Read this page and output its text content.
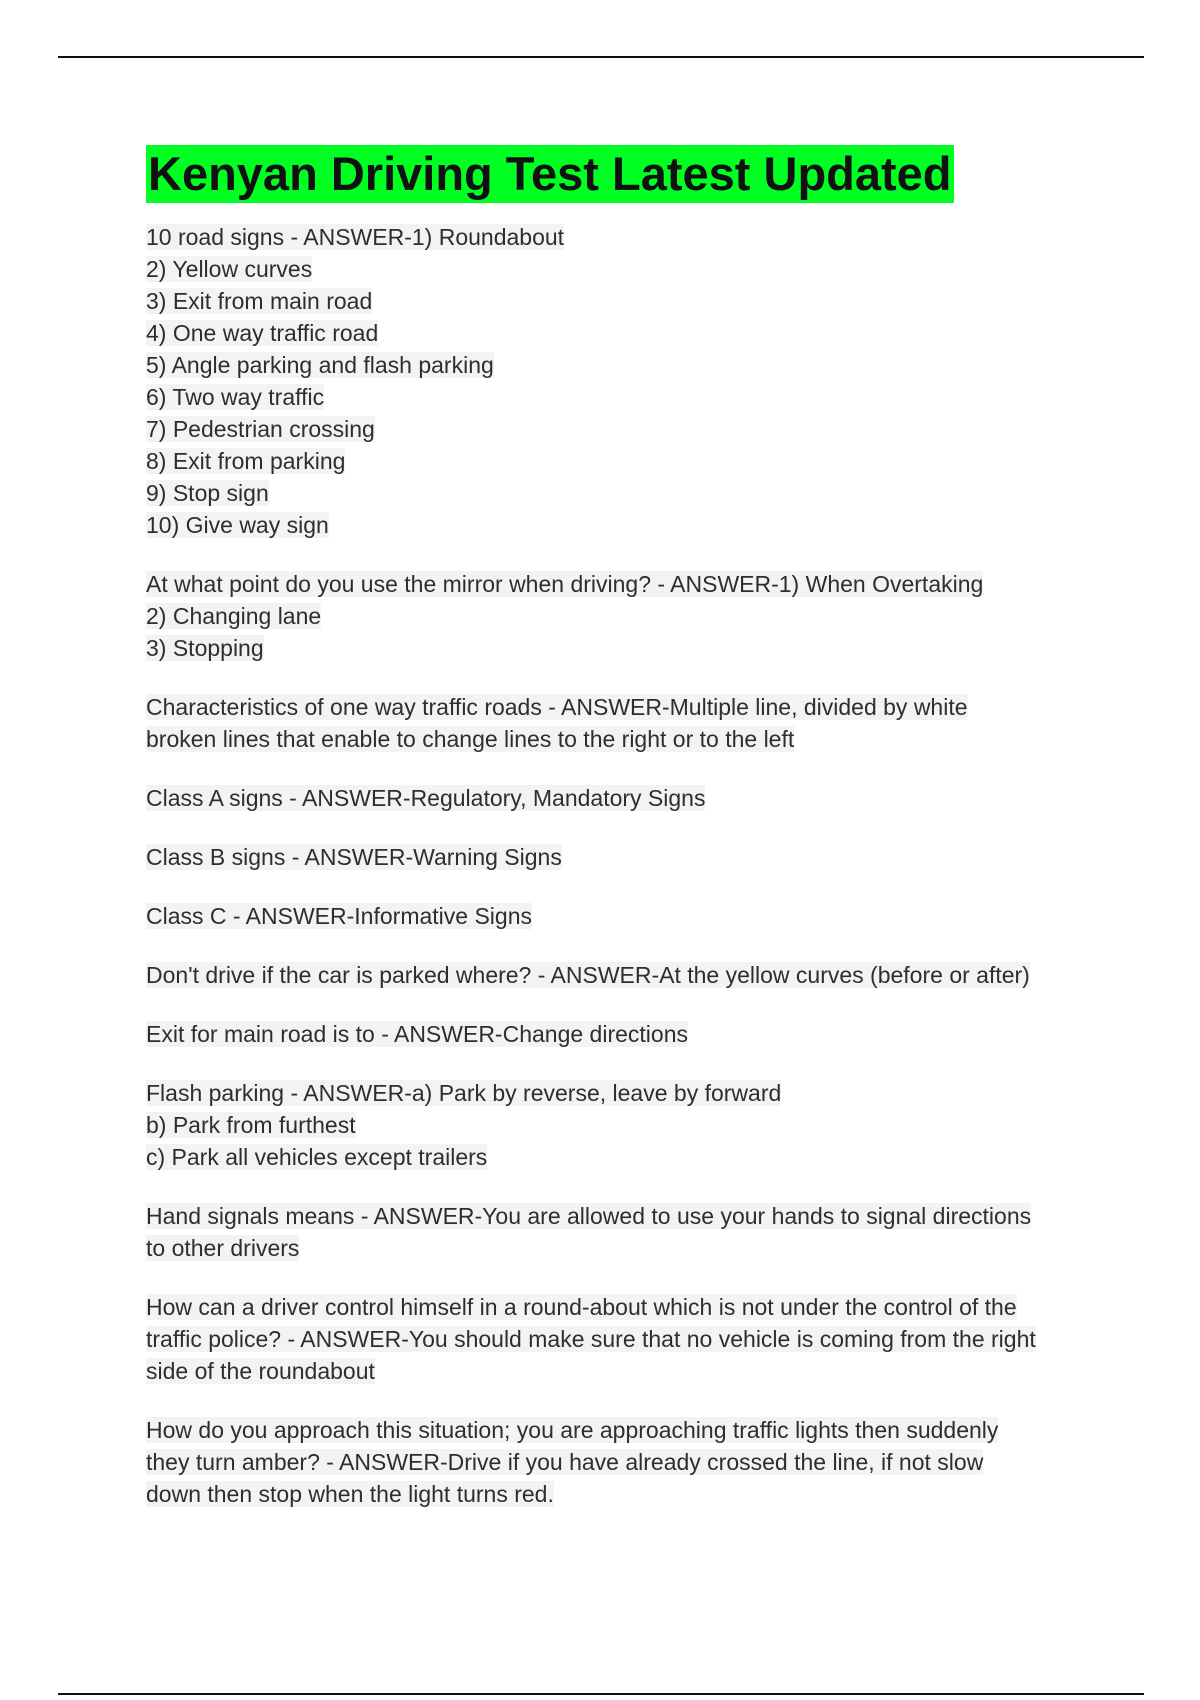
Kenyan Driving Test Latest Updated
10 road signs - ANSWER-1) Roundabout
2) Yellow curves
3) Exit from main road
4) One way traffic road
5) Angle parking and flash parking
6) Two way traffic
7) Pedestrian crossing
8) Exit from parking
9) Stop sign
10) Give way sign
At what point do you use the mirror when driving? - ANSWER-1) When Overtaking
2) Changing lane
3) Stopping
Characteristics of one way traffic roads - ANSWER-Multiple line, divided by white
broken lines that enable to change lines to the right or to the left
Class A signs - ANSWER-Regulatory, Mandatory Signs
Class B signs - ANSWER-Warning Signs
Class C - ANSWER-Informative Signs
Don't drive if the car is parked where? - ANSWER-At the yellow curves (before or after)
Exit for main road is to - ANSWER-Change directions
Flash parking - ANSWER-a) Park by reverse, leave by forward
b) Park from furthest
c) Park all vehicles except trailers
Hand signals means - ANSWER-You are allowed to use your hands to signal directions
to other drivers
How can a driver control himself in a round-about which is not under the control of the
traffic police? - ANSWER-You should make sure that no vehicle is coming from the right
side of the roundabout
How do you approach this situation; you are approaching traffic lights then suddenly
they turn amber? - ANSWER-Drive if you have already crossed the line, if not slow
down then stop when the light turns red.
